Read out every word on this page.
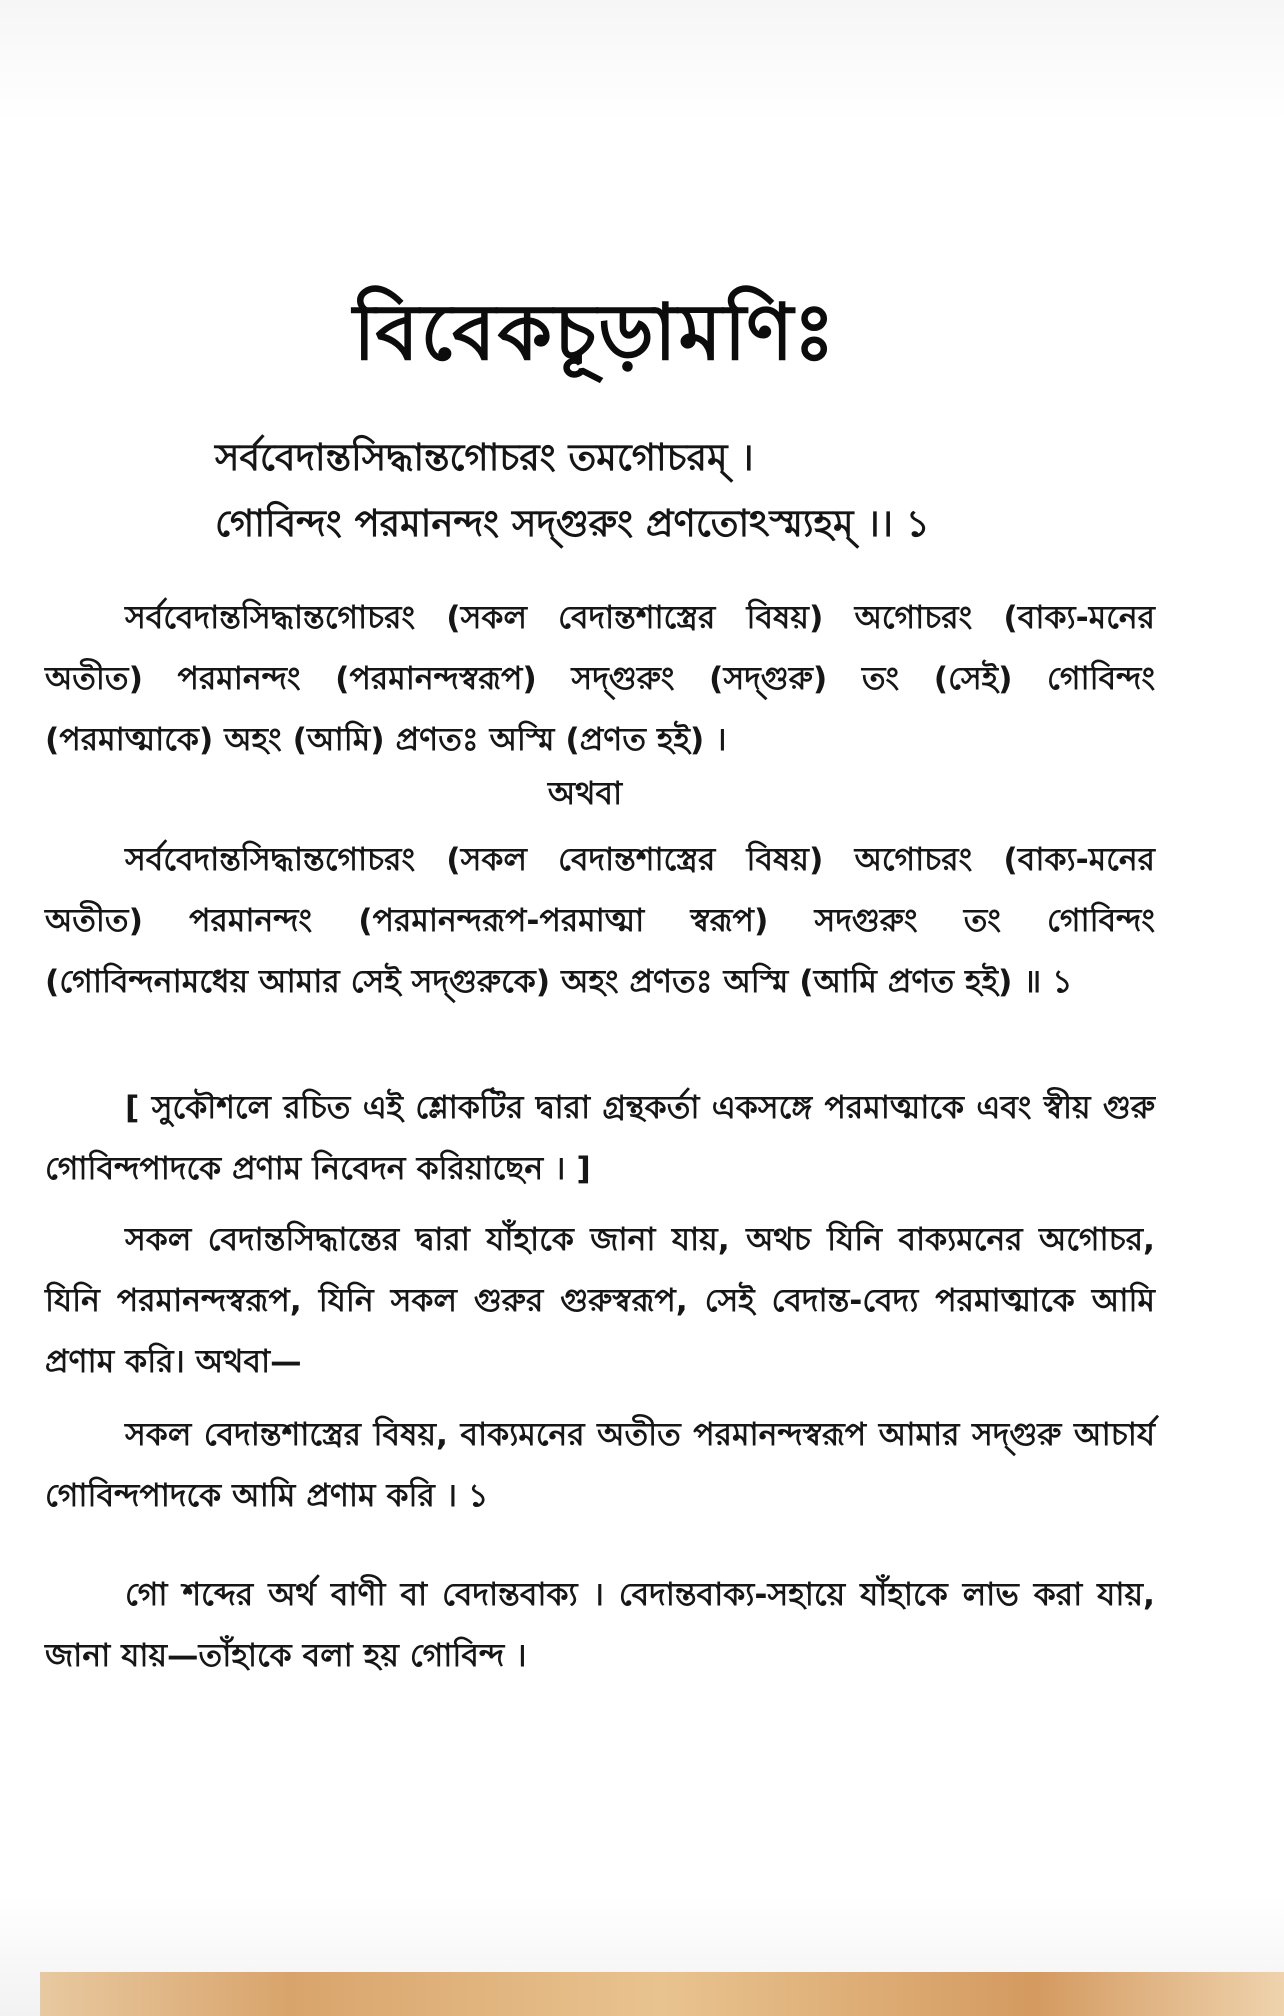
বিবেকচূড়ামণিঃ
সর্ববেদান্তসিদ্ধান্তগোচরং তমগোচরম্ ।
গোবিন্দং পরমানন্দং সদ্‌গুরুং প্রণতোঽস্ম্যহম্ ।। ১
সর্ববেদান্তসিদ্ধান্তগোচরং (সকল বেদান্তশাস্ত্রের বিষয়) অগোচরং (বাক্য-মনের অতীত) পরমানন্দং (পরমানন্দস্বরূপ) সদ্‌গুরুং (সদ্‌গুরু) তং (সেই) গোবিন্দং (পরমাত্মাকে) অহং (আমি) প্রণতঃ অস্মি (প্রণত হই) ।
অথবা
সর্ববেদান্তসিদ্ধান্তগোচরং (সকল বেদান্তশাস্ত্রের বিষয়) অগোচরং (বাক্য-মনের অতীত) পরমানন্দং (পরমানন্দরূপ-পরমাত্মা স্বরূপ) সদগুরুং তং গোবিন্দং (গোবিন্দনামধেয় আমার সেই সদ্‌গুরুকে) অহং প্রণতঃ অস্মি (আমি প্রণত হই) ॥ ১
[ সুকৌশলে রচিত এই শ্লোকটির দ্বারা গ্রন্থকর্তা একসঙ্গে পরমাত্মাকে এবং স্বীয় গুরু গোবিন্দপাদকে প্রণাম নিবেদন করিয়াছেন । ]
সকল বেদান্তসিদ্ধান্তের দ্বারা যাঁহাকে জানা যায়, অথচ যিনি বাক্যমনের অগোচর, যিনি পরমানন্দস্বরূপ, যিনি সকল গুরুর গুরুস্বরূপ, সেই বেদান্ত-বেদ্য পরমাত্মাকে আমি প্রণাম করি। অথবা—
সকল বেদান্তশাস্ত্রের বিষয়, বাক্যমনের অতীত পরমানন্দস্বরূপ আমার সদ্‌গুরু আচার্য গোবিন্দপাদকে আমি প্রণাম করি । ১
গো শব্দের অর্থ বাণী বা বেদান্তবাক্য । বেদান্তবাক্য-সহায়ে যাঁহাকে লাভ করা যায়, জানা যায়—তাঁহাকে বলা হয় গোবিন্দ ।
